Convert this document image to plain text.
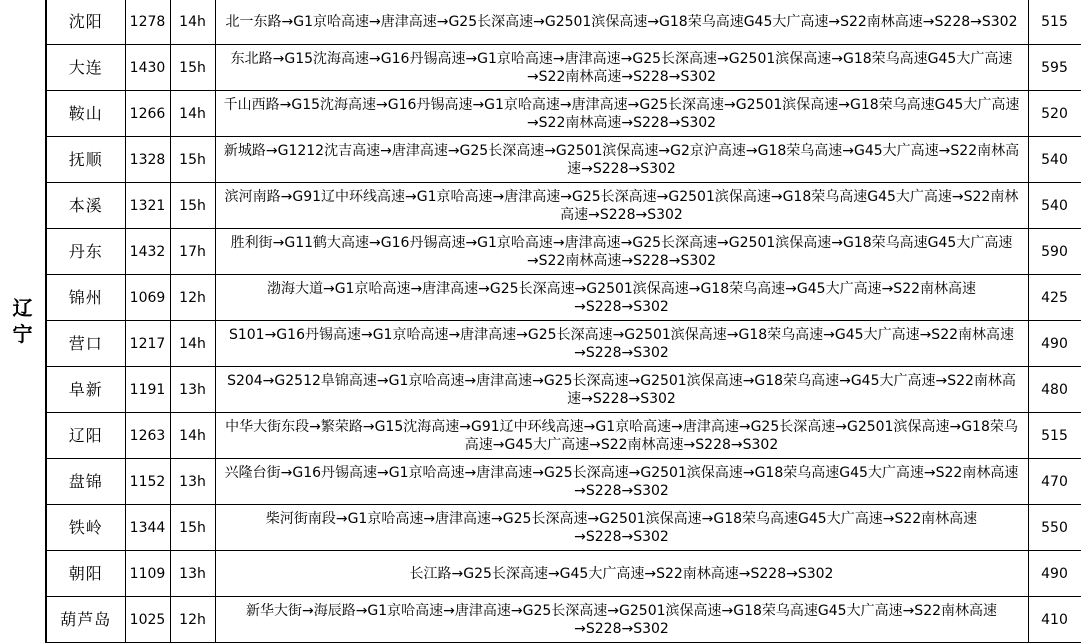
辽宁	沈阳	1278	14h	北一东路→G1京哈高速→唐津高速→G25长深高速→G2501滨保高速→G18荣乌高速G45大广高速→S22南林高速→S228→S302	515
	大连	1430	15h	东北路→G15沈海高速→G16丹锡高速→G1京哈高速→唐津高速→G25长深高速→G2501滨保高速→G18荣乌高速G45大广高速→S22南林高速→S228→S302	595
	鞍山	1266	14h	千山西路→G15沈海高速→G16丹锡高速→G1京哈高速→唐津高速→G25长深高速→G2501滨保高速→G18荣乌高速G45大广高速→S22南林高速→S228→S302	520
	抚顺	1328	15h	新城路→G1212沈吉高速→唐津高速→G25长深高速→G2501滨保高速→G2京沪高速→G18荣乌高速→G45大广高速→S22南林高速→S228→S302	540
	本溪	1321	15h	滨河南路→G91辽中环线高速→G1京哈高速→唐津高速→G25长深高速→G2501滨保高速→G18荣乌高速G45大广高速→S22南林高速→S228→S302	540
	丹东	1432	17h	胜利街→G11鹤大高速→G16丹锡高速→G1京哈高速→唐津高速→G25长深高速→G2501滨保高速→G18荣乌高速G45大广高速→S22南林高速→S228→S302	590
	锦州	1069	12h	渤海大道→G1京哈高速→唐津高速→G25长深高速→G2501滨保高速→G18荣乌高速→G45大广高速→S22南林高速→S228→S302	425
	营口	1217	14h	S101→G16丹锡高速→G1京哈高速→唐津高速→G25长深高速→G2501滨保高速→G18荣乌高速→G45大广高速→S22南林高速→S228→S302	490
	阜新	1191	13h	S204→G2512阜锦高速→G1京哈高速→唐津高速→G25长深高速→G2501滨保高速→G18荣乌高速→G45大广高速→S22南林高速→S228→S302	480
	辽阳	1263	14h	中华大街东段→繁荣路→G15沈海高速→G91辽中环线高速→G1京哈高速→唐津高速→G25长深高速→G2501滨保高速→G18荣乌高速→G45大广高速→S22南林高速→S228→S302	515
	盘锦	1152	13h	兴隆台街→G16丹锡高速→G1京哈高速→唐津高速→G25长深高速→G2501滨保高速→G18荣乌高速G45大广高速→S22南林高速→S228→S302	470
	铁岭	1344	15h	柴河街南段→G1京哈高速→唐津高速→G25长深高速→G2501滨保高速→G18荣乌高速G45大广高速→S22南林高速→S228→S302	550
	朝阳	1109	13h	长江路→G25长深高速→G45大广高速→S22南林高速→S228→S302	490
	葫芦岛	1025	12h	新华大街→海辰路→G1京哈高速→唐津高速→G25长深高速→G2501滨保高速→G18荣乌高速G45大广高速→S22南林高速→S228→S302	410
